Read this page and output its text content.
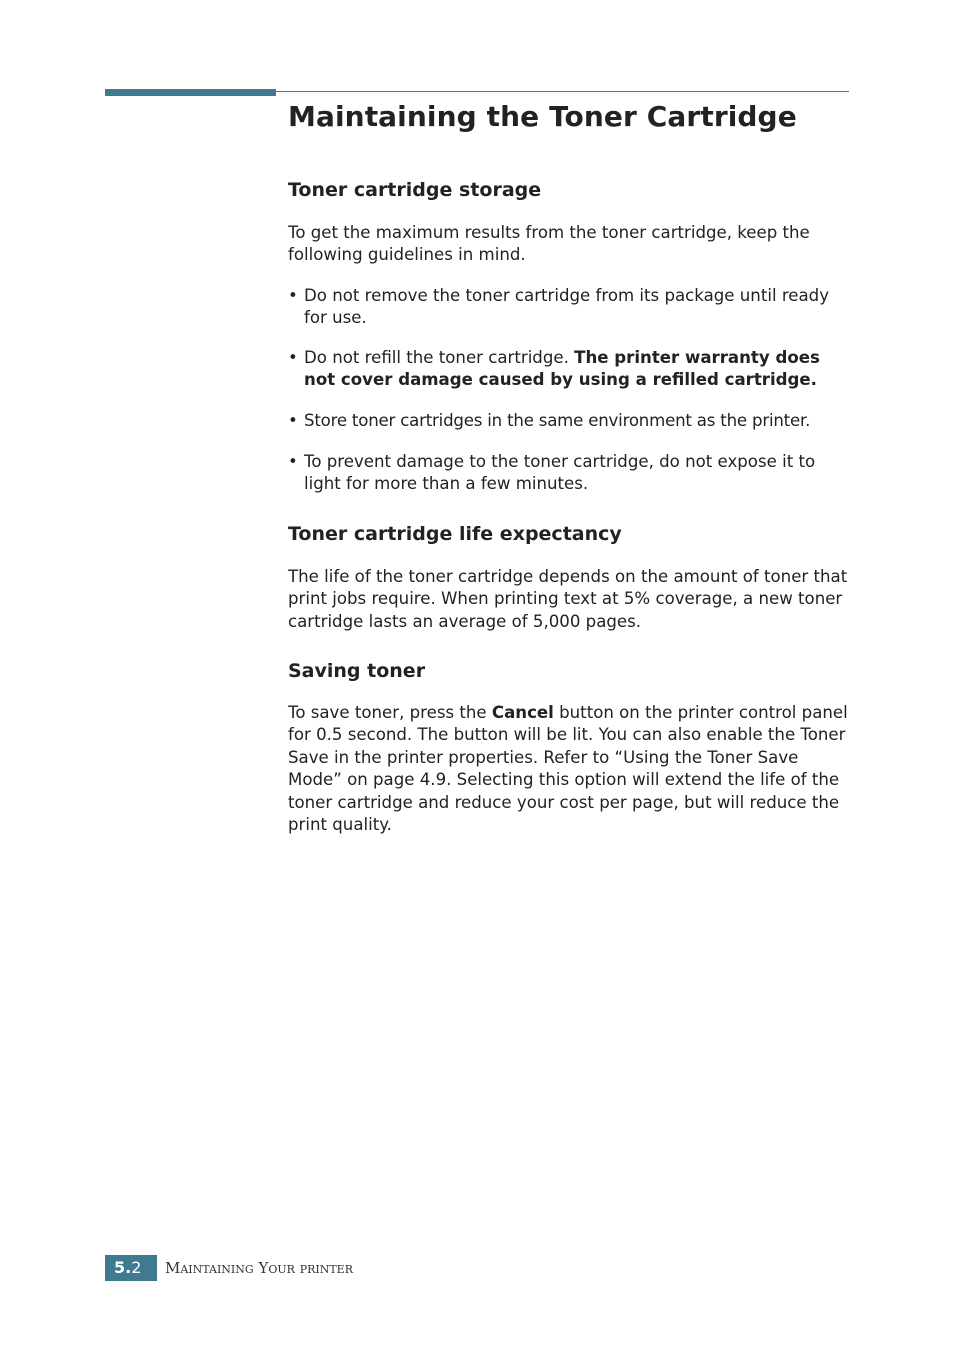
Maintaining the Toner Cartridge
Toner cartridge storage

To get the maximum results from the toner cartridge, keep the following guidelines in mind.

• Do not remove the toner cartridge from its package until ready for use.
• Do not refill the toner cartridge. The printer warranty does not cover damage caused by using a refilled cartridge.
• Store toner cartridges in the same environment as the printer.
• To prevent damage to the toner cartridge, do not expose it to light for more than a few minutes.
Toner cartridge life expectancy

The life of the toner cartridge depends on the amount of toner that print jobs require. When printing text at 5% coverage, a new toner cartridge lasts an average of 5,000 pages.

Saving toner

To save toner, press the Cancel button on the printer control panel for 0.5 second. The button will be lit. You can also enable the Toner Save in the printer properties. Refer to “Using the Toner Save Mode” on page 4.9. Selecting this option will extend the life of the toner cartridge and reduce your cost per page, but will reduce the print quality.

5.2	Maintaining Your printer
